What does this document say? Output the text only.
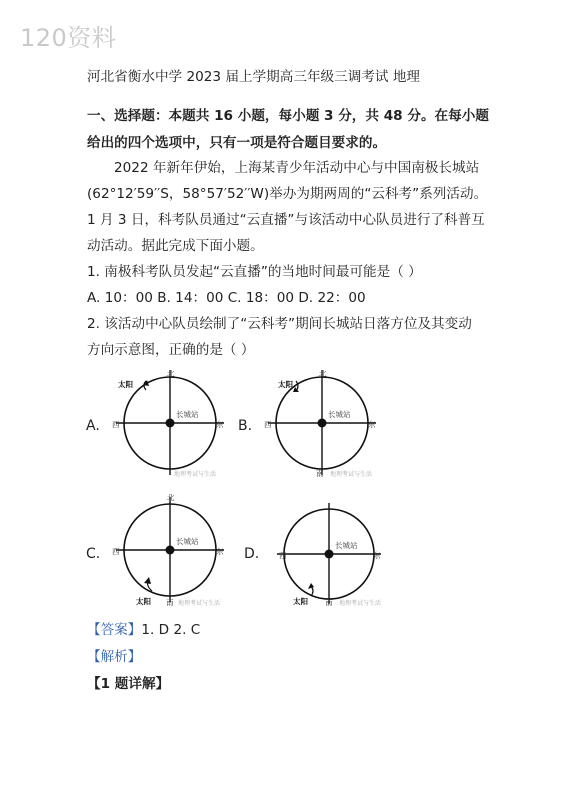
120资料
河北省衡水中学 2023 届上学期高三年级三调考试 地理
一、选择题：本题共 16 小题，每小题 3 分，共 48 分。在每小题
给出的四个选项中，只有一项是符合题目要求的。
2022 年新年伊始，上海某青少年活动中心与中国南极长城站
(62°12′59′′S，58°57′52′′W)举办为期两周的“云科考”系列活动。
1 月 3 日，科考队员通过“云直播”与该活动中心队员进行了科普互
动活动。据此完成下面小题。
1. 南极科考队员发起“云直播”的当地时间最可能是（ ）
A. 10：00 B. 14：00 C. 18：00 D. 22：00
2. 该活动中心队员绘制了“云科考”期间长城站日落方位及其变动
方向示意图，正确的是（ ）
A.
北
西	东
长城站
太阳
地理考试与生活
B.
北
西	东
长城站
太阳
南 地理考试与生活
C.
北
西	东
长城站
太阳 南 地理考试与生活
D.	西	东
长城站
太阳 南 地理考试与生活
【答案】1. D 2. C
【解析】
【1 题详解】
